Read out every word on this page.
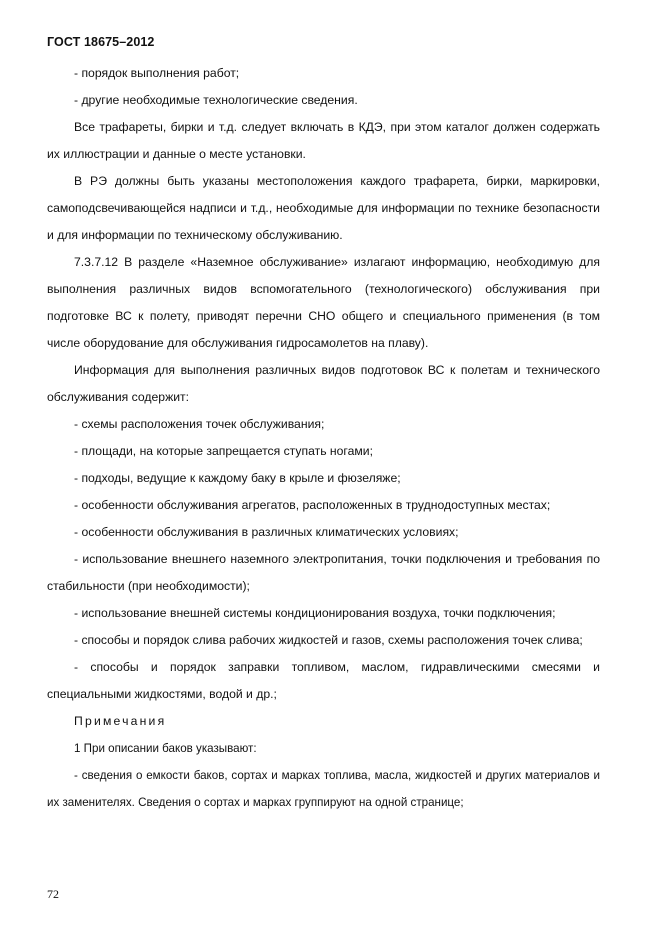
ГОСТ 18675–2012

- порядок выполнения работ;

- другие необходимые технологические сведения.

Все трафареты, бирки и т.д. следует включать в КДЭ, при этом каталог должен содержать их иллюстрации и данные о месте установки.

В РЭ должны быть указаны местоположения каждого трафарета, бирки, маркировки, самоподсвечивающейся надписи и т.д., необходимые для информации по технике безопасности и для информации по техническому обслуживанию.

7.3.7.12 В разделе «Наземное обслуживание» излагают информацию, необходимую для выполнения различных видов вспомогательного (технологического) обслуживания при подготовке ВС к полету, приводят перечни СНО общего и специального применения (в том числе оборудование для обслуживания гидросамолетов на плаву).

Информация для выполнения различных видов подготовок ВС к полетам и технического обслуживания содержит:

- схемы расположения точек обслуживания;

- площади, на которые запрещается ступать ногами;

- подходы, ведущие к каждому баку в крыле и фюзеляже;

- особенности обслуживания агрегатов, расположенных в труднодоступных местах;

- особенности обслуживания в различных климатических условиях;

- использование внешнего наземного электропитания, точки подключения и требования по стабильности (при необходимости);

- использование внешней системы кондиционирования воздуха, точки подключения;

- способы и порядок слива рабочих жидкостей и газов, схемы расположения точек слива;

- способы и порядок заправки топливом, маслом, гидравлическими смесями и специальными жидкостями, водой и др.;

Примечания

1 При описании баков указывают:

- сведения о емкости баков, сортах и марках топлива, масла, жидкостей и других материалов и их заменителях. Сведения о сортах и марках группируют на одной странице;

72
